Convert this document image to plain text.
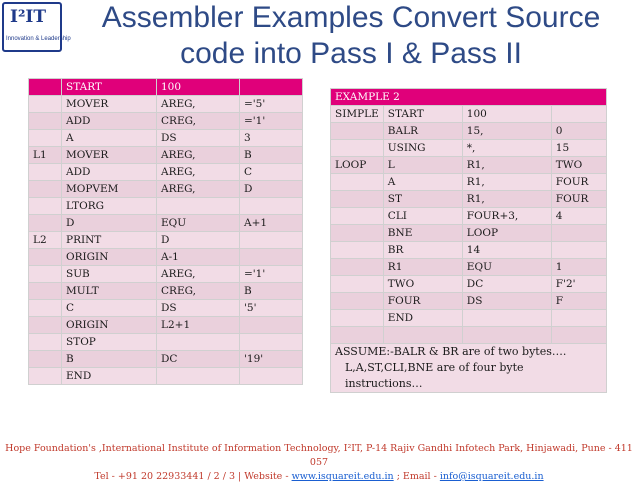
I²IT
Innovation & Leadership
Assembler Examples Convert Source
code into Pass I & Pass II
	START	100	
	MOVER	AREG,	='5'
	ADD	CREG,	='1'
	A	DS	3
L1	MOVER	AREG,	B
	ADD	AREG,	C
	MOPVEM	AREG,	D
	LTORG		
	D	EQU	A+1
L2	PRINT	D	
	ORIGIN	A-1	
	SUB	AREG,	='1'
	MULT	CREG,	B
	C	DS	'5'
	ORIGIN	L2+1	
	STOP		
	B	DC	'19'
	END		
EXAMPLE 2			
SIMPLE	START	100	
	BALR	15,	0
	USING	*,	15
LOOP	L	R1,	TWO
	A	R1,	FOUR
	ST	R1,	FOUR
	CLI	FOUR+3,	4
	BNE	LOOP	
	BR	14	
	R1	EQU	1
	TWO	DC	F'2'
	FOUR	DS	F
	END		

ASSUME:-BALR & BR are of two bytes….
L,A,ST,CLI,BNE are of four byte instructions…			
Hope Foundation's ,International Institute of Information Technology, I²IT, P-14 Rajiv Gandhi Infotech Park, Hinjawadi, Pune - 411 057
Tel - +91 20 22933441 / 2 / 3 | Website - www.isquareit.edu.in ; Email - info@isquareit.edu.in
